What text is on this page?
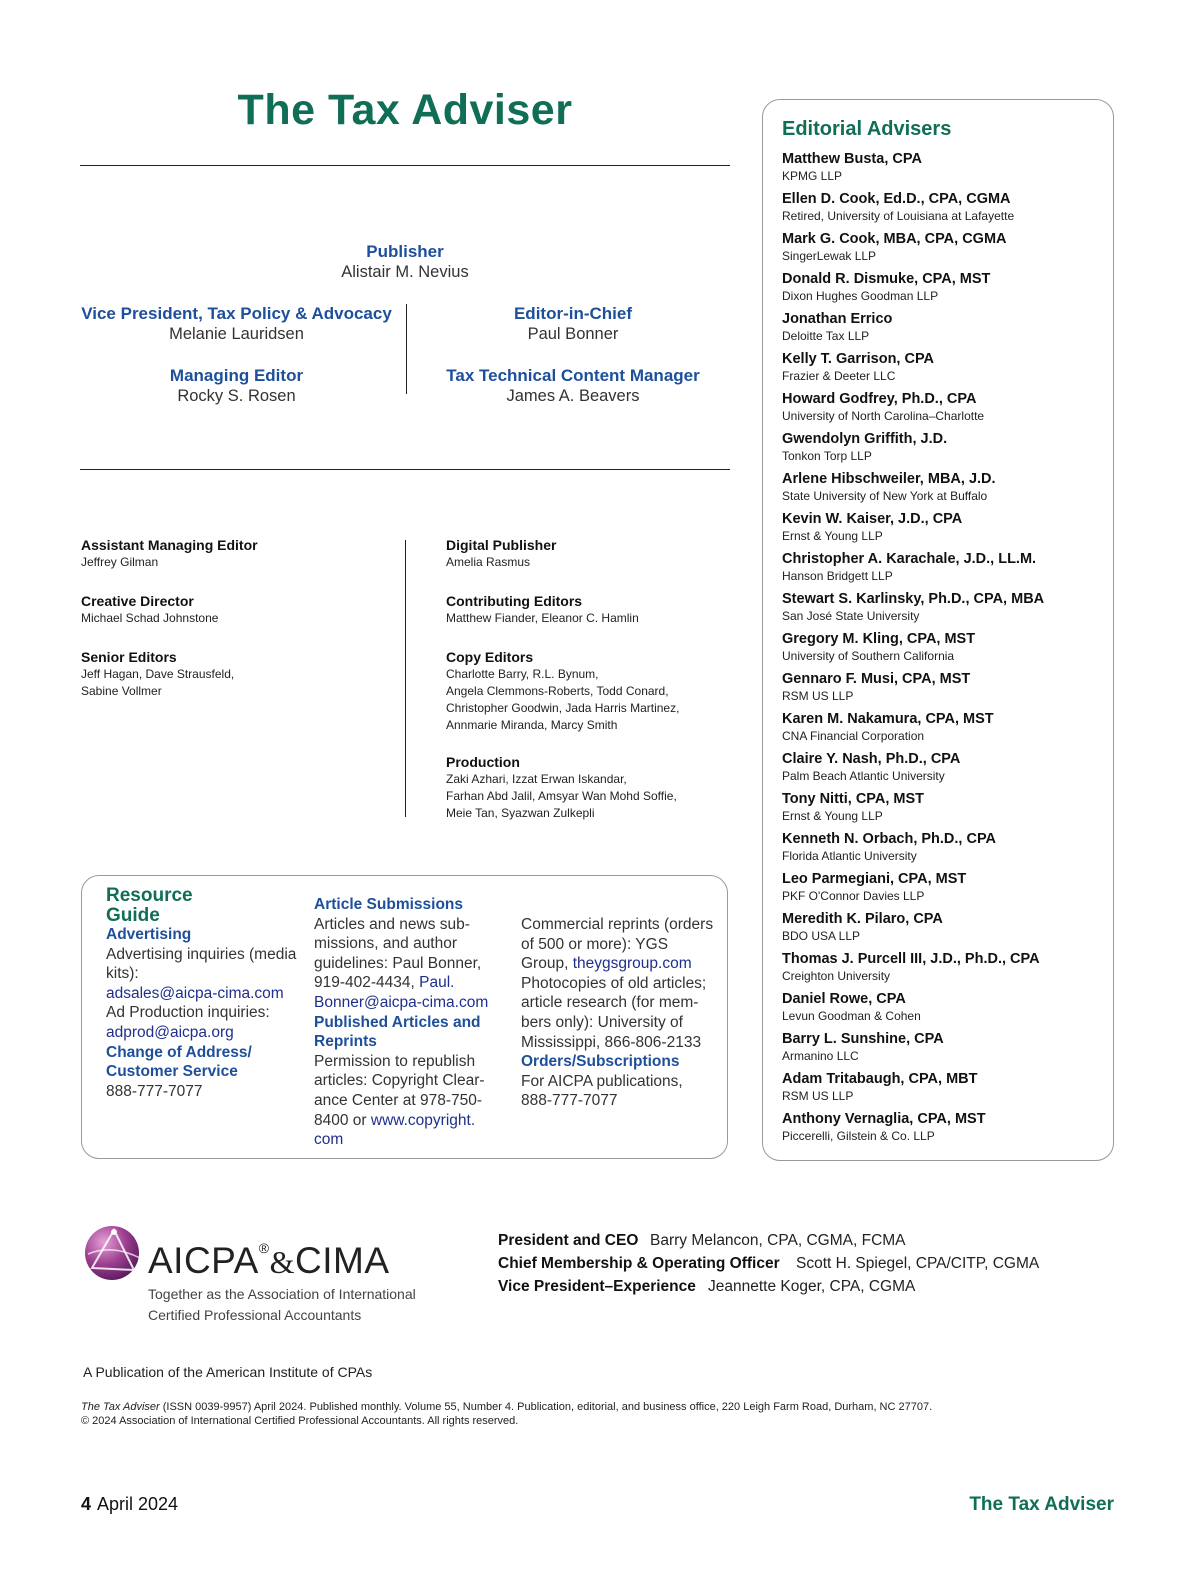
The Tax Adviser
Publisher
Alistair M. Nevius
Vice President, Tax Policy & Advocacy
Melanie Lauridsen
Managing Editor
Rocky S. Rosen
Editor-in-Chief
Paul Bonner
Tax Technical Content Manager
James A. Beavers
Assistant Managing Editor
Jeffrey Gilman
Creative Director
Michael Schad Johnstone
Senior Editors
Jeff Hagan, Dave Strausfeld,
Sabine Vollmer
Digital Publisher
Amelia Rasmus
Contributing Editors
Matthew Fiander, Eleanor C. Hamlin
Copy Editors
Charlotte Barry, R.L. Bynum,
Angela Clemmons-Roberts, Todd Conard,
Christopher Goodwin, Jada Harris Martinez,
Annmarie Miranda, Marcy Smith
Production
Zaki Azhari, Izzat Erwan Iskandar,
Farhan Abd Jalil, Amsyar Wan Mohd Soffie,
Meie Tan, Syazwan Zulkepli
Resource
Guide
Advertising
Advertising inquiries (media
kits):
adsales@aicpa-cima.com
Ad Production inquiries:
adprod@aicpa.org
Change of Address/
Customer Service
888-777-7077
Article Submissions
Articles and news sub-
missions, and author
guidelines: Paul Bonner,
919-402-4434, Paul.
Bonner@aicpa-cima.com
Published Articles and
Reprints
Permission to republish
articles: Copyright Clear-
ance Center at 978-750-
8400 or www.copyright.
com
Commercial reprints (orders
of 500 or more): YGS
Group, theygsgroup.com
Photocopies of old articles;
article research (for mem-
bers only): University of
Mississippi, 866-806-2133
Orders/Subscriptions
For AICPA publications,
888-777-7077
Editorial Advisers
Matthew Busta, CPA
KPMG LLP
Ellen D. Cook, Ed.D., CPA, CGMA
Retired, University of Louisiana at Lafayette
Mark G. Cook, MBA, CPA, CGMA
SingerLewak LLP
Donald R. Dismuke, CPA, MST
Dixon Hughes Goodman LLP
Jonathan Errico
Deloitte Tax LLP
Kelly T. Garrison, CPA
Frazier & Deeter LLC
Howard Godfrey, Ph.D., CPA
University of North Carolina–Charlotte
Gwendolyn Griffith, J.D.
Tonkon Torp LLP
Arlene Hibschweiler, MBA, J.D.
State University of New York at Buffalo
Kevin W. Kaiser, J.D., CPA
Ernst & Young LLP
Christopher A. Karachale, J.D., LL.M.
Hanson Bridgett LLP
Stewart S. Karlinsky, Ph.D., CPA, MBA
San José State University
Gregory M. Kling, CPA, MST
University of Southern California
Gennaro F. Musi, CPA, MST
RSM US LLP
Karen M. Nakamura, CPA, MST
CNA Financial Corporation
Claire Y. Nash, Ph.D., CPA
Palm Beach Atlantic University
Tony Nitti, CPA, MST
Ernst & Young LLP
Kenneth N. Orbach, Ph.D., CPA
Florida Atlantic University
Leo Parmegiani, CPA, MST
PKF O'Connor Davies LLP
Meredith K. Pilaro, CPA
BDO USA LLP
Thomas J. Purcell III, J.D., Ph.D., CPA
Creighton University
Daniel Rowe, CPA
Levun Goodman & Cohen
Barry L. Sunshine, CPA
Armanino LLC
Adam Tritabaugh, CPA, MBT
RSM US LLP
Anthony Vernaglia, CPA, MST
Piccerelli, Gilstein & Co. LLP
AICPA®&CIMA
Together as the Association of International
Certified Professional Accountants
President and CEO Barry Melancon, CPA, CGMA, FCMA
Chief Membership & Operating Officer Scott H. Spiegel, CPA/CITP, CGMA
Vice President–Experience Jeannette Koger, CPA, CGMA
A Publication of the American Institute of CPAs
The Tax Adviser (ISSN 0039-9957) April 2024. Published monthly. Volume 55, Number 4. Publication, editorial, and business office, 220 Leigh Farm Road, Durham, NC 27707.
© 2024 Association of International Certified Professional Accountants. All rights reserved.
4 April 2024	The Tax Adviser
